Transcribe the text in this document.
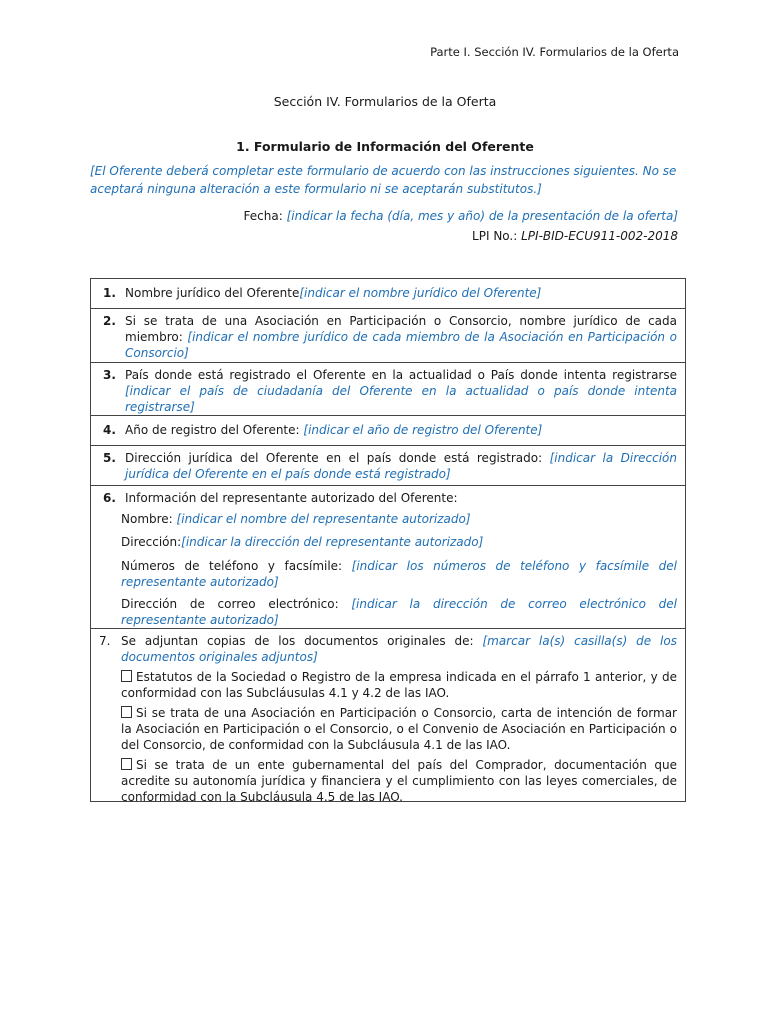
Parte I. Sección IV. Formularios de la Oferta
Sección IV. Formularios de la Oferta
1. Formulario de Información del Oferente
[El Oferente deberá completar este formulario de acuerdo con las instrucciones siguientes. No se aceptará ninguna alteración a este formulario ni se aceptarán substitutos.]
Fecha: [indicar la fecha (día, mes y año) de la presentación de la oferta]
LPI No.: LPI-BID-ECU911-002-2018
1. Nombre jurídico del Oferente[indicar el nombre jurídico del Oferente]
2. Si se trata de una Asociación en Participación o Consorcio, nombre jurídico de cada miembro: [indicar el nombre jurídico de cada miembro de la Asociación en Participación o Consorcio]
3. País donde está registrado el Oferente en la actualidad o País donde intenta registrarse [indicar el país de ciudadanía del Oferente en la actualidad o país donde intenta registrarse]
4. Año de registro del Oferente: [indicar el año de registro del Oferente]
5. Dirección jurídica del Oferente en el país donde está registrado: [indicar la Dirección jurídica del Oferente en el país donde está registrado]
6. Información del representante autorizado del Oferente:
Nombre: [indicar el nombre del representante autorizado]
Dirección:[indicar la dirección del representante autorizado]
Números de teléfono y facsímile: [indicar los números de teléfono y facsímile del representante autorizado]
Dirección de correo electrónico: [indicar la dirección de correo electrónico del representante autorizado]
7. Se adjuntan copias de los documentos originales de: [marcar la(s) casilla(s) de los documentos originales adjuntos]
Estatutos de la Sociedad o Registro de la empresa indicada en el párrafo 1 anterior, y de conformidad con las Subcláusulas 4.1 y 4.2 de las IAO.
Si se trata de una Asociación en Participación o Consorcio, carta de intención de formar la Asociación en Participación o el Consorcio, o el Convenio de Asociación en Participación o del Consorcio, de conformidad con la Subcláusula 4.1 de las IAO.
Si se trata de un ente gubernamental del país del Comprador, documentación que acredite su autonomía jurídica y financiera y el cumplimiento con las leyes comerciales, de conformidad con la Subcláusula 4.5 de las IAO.
